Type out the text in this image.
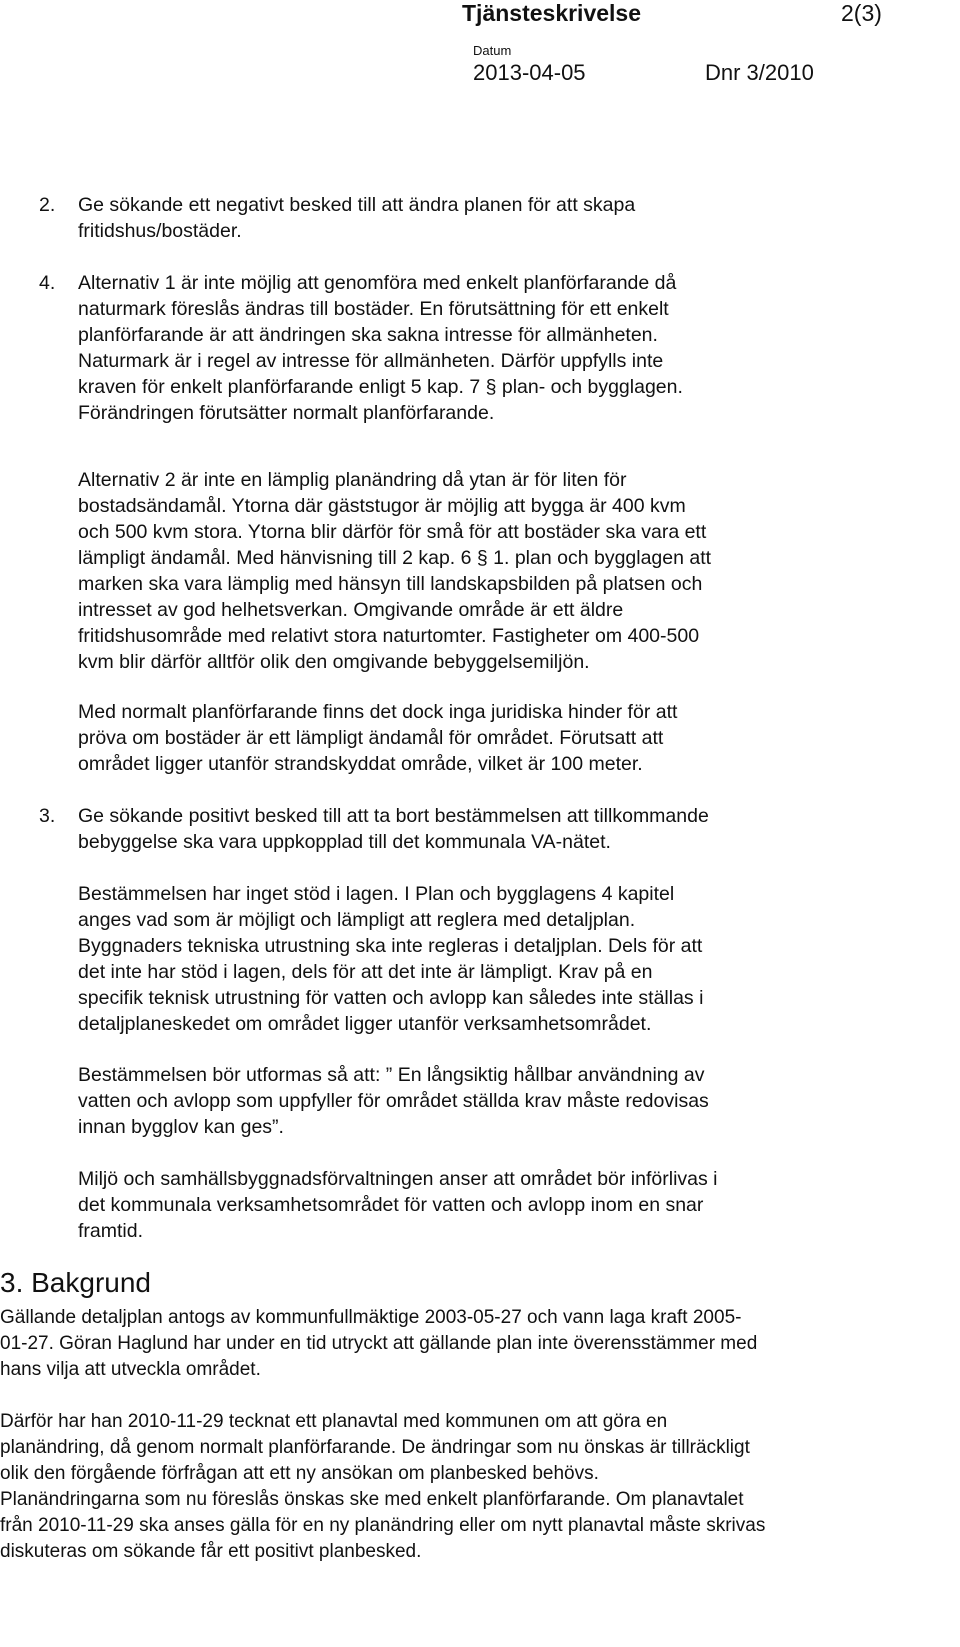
Tjänsteskrivelse	2(3)
Datum
2013-04-05	Dnr 3/2010
2. Ge sökande ett negativt besked till att ändra planen för att skapa
fritidshus/bostäder.
4. Alternativ 1 är inte möjlig att genomföra med enkelt planförfarande då
naturmark föreslås ändras till bostäder. En förutsättning för ett enkelt
planförfarande är att ändringen ska sakna intresse för allmänheten.
Naturmark är i regel av intresse för allmänheten. Därför uppfylls inte
kraven för enkelt planförfarande enligt 5 kap. 7 § plan- och bygglagen.
Förändringen förutsätter normalt planförfarande.
Alternativ 2 är inte en lämplig planändring då ytan är för liten för
bostadsändamål. Ytorna där gäststugor är möjlig att bygga är 400 kvm
och 500 kvm stora. Ytorna blir därför för små för att bostäder ska vara ett
lämpligt ändamål. Med hänvisning till 2 kap. 6 § 1. plan och bygglagen att
marken ska vara lämplig med hänsyn till landskapsbilden på platsen och
intresset av god helhetsverkan. Omgivande område är ett äldre
fritidshusområde med relativt stora naturtomter. Fastigheter om 400-500
kvm blir därför alltför olik den omgivande bebyggelsemiljön.
Med normalt planförfarande finns det dock inga juridiska hinder för att
pröva om bostäder är ett lämpligt ändamål för området. Förutsatt att
området ligger utanför strandskyddat område, vilket är 100 meter.
3. Ge sökande positivt besked till att ta bort bestämmelsen att tillkommande
bebyggelse ska vara uppkopplad till det kommunala VA-nätet.
Bestämmelsen har inget stöd i lagen. I Plan och bygglagens 4 kapitel
anges vad som är möjligt och lämpligt att reglera med detaljplan.
Byggnaders tekniska utrustning ska inte regleras i detaljplan. Dels för att
det inte har stöd i lagen, dels för att det inte är lämpligt. Krav på en
specifik teknisk utrustning för vatten och avlopp kan således inte ställas i
detaljplaneskedet om området ligger utanför verksamhetsområdet.
Bestämmelsen bör utformas så att: ” En långsiktig hållbar användning av
vatten och avlopp som uppfyller för området ställda krav måste redovisas
innan bygglov kan ges”.
Miljö och samhällsbyggnadsförvaltningen anser att området bör införlivas i
det kommunala verksamhetsområdet för vatten och avlopp inom en snar
framtid.
3. Bakgrund
Gällande detaljplan antogs av kommunfullmäktige 2003-05-27 och vann laga kraft 2005-
01-27. Göran Haglund har under en tid utryckt att gällande plan inte överensstämmer med
hans vilja att utveckla området.
Därför har han 2010-11-29 tecknat ett planavtal med kommunen om att göra en
planändring, då genom normalt planförfarande. De ändringar som nu önskas är tillräckligt
olik den förgående förfrågan att ett ny ansökan om planbesked behövs.
Planändringarna som nu föreslås önskas ske med enkelt planförfarande. Om planavtalet
från 2010-11-29 ska anses gälla för en ny planändring eller om nytt planavtal måste skrivas
diskuteras om sökande får ett positivt planbesked.
